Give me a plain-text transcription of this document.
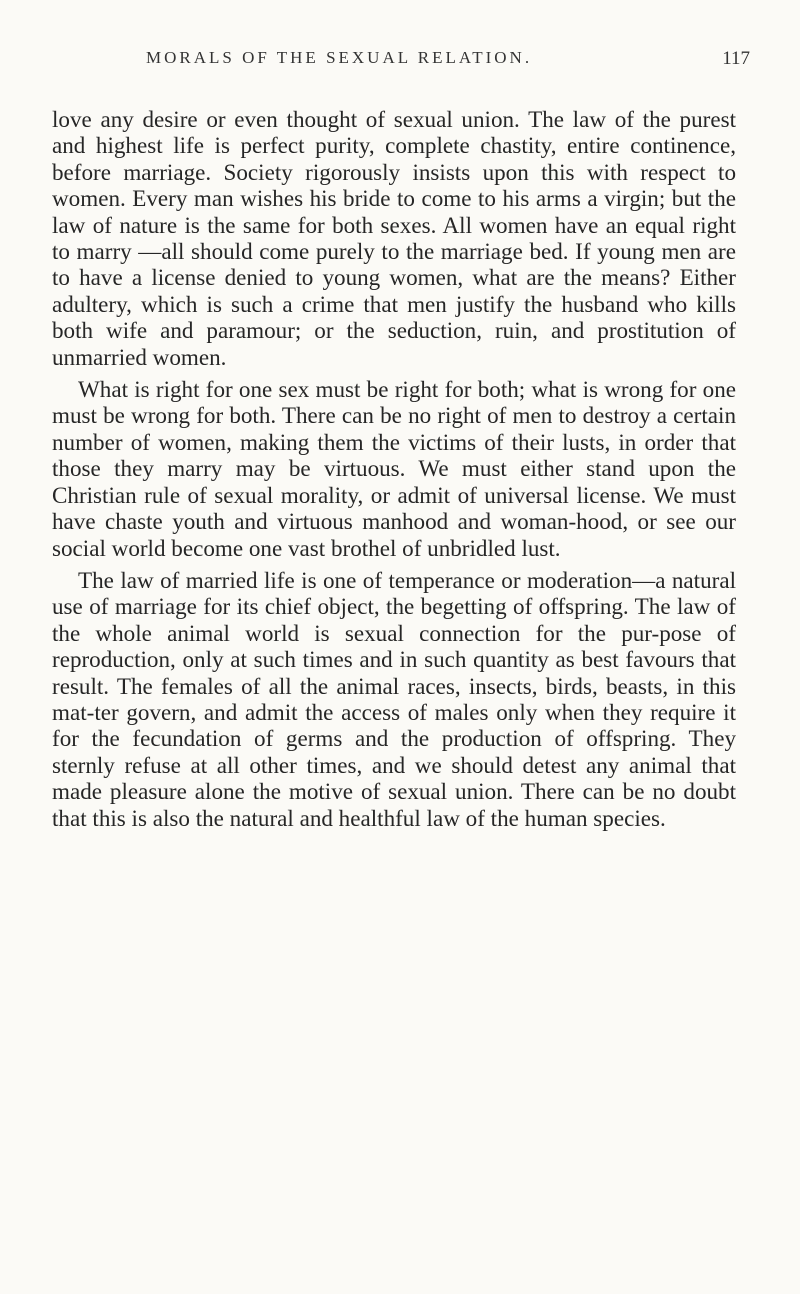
MORALS OF THE SEXUAL RELATION.	117

love any desire or even thought of sexual union. The law of the purest and highest life is perfect purity, complete chastity, entire continence, before marriage. Society rigorously insists upon this with respect to women. Every man wishes his bride to come to his arms a virgin; but the law of nature is the same for both sexes. All women have an equal right to marry —all should come purely to the marriage bed. If young men are to have a license denied to young women, what are the means? Either adultery, which is such a crime that men justify the husband who kills both wife and paramour; or the seduction, ruin, and prostitution of unmarried women.

What is right for one sex must be right for both; what is wrong for one must be wrong for both. There can be no right of men to destroy a certain number of women, making them the victims of their lusts, in order that those they marry may be virtuous. We must either stand upon the Christian rule of sexual morality, or admit of universal license. We must have chaste youth and virtuous manhood and woman-hood, or see our social world become one vast brothel of unbridled lust.

The law of married life is one of temperance or moderation—a natural use of marriage for its chief object, the begetting of offspring. The law of the whole animal world is sexual connection for the pur-pose of reproduction, only at such times and in such quantity as best favours that result. The females of all the animal races, insects, birds, beasts, in this mat-ter govern, and admit the access of males only when they require it for the fecundation of germs and the production of offspring. They sternly refuse at all other times, and we should detest any animal that made pleasure alone the motive of sexual union. There can be no doubt that this is also the natural and healthful law of the human species.
